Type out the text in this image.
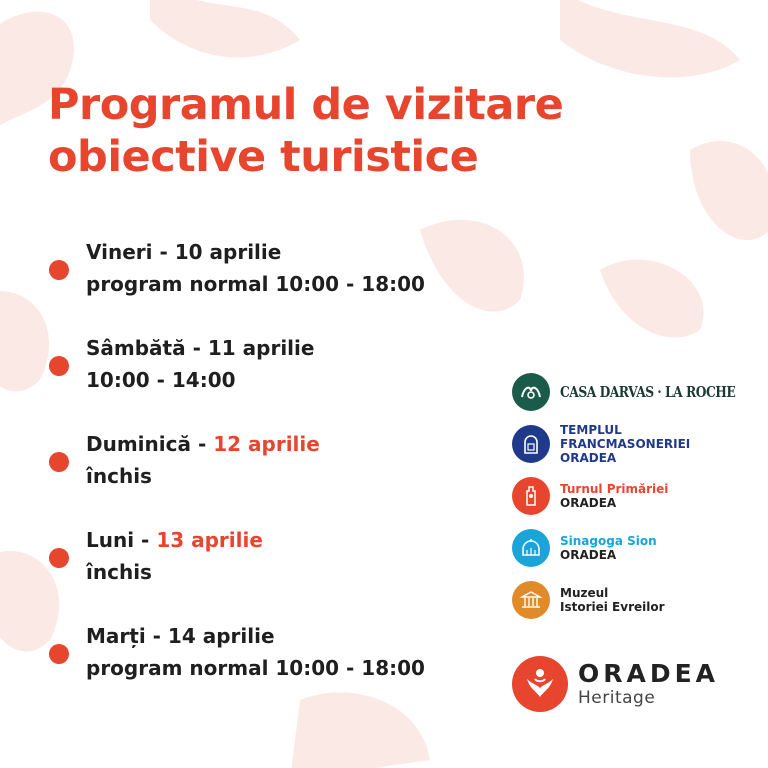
Programul de vizitare
obiective turistice
Vineri - 10 aprilie
program normal 10:00 - 18:00
Sâmbătă - 11 aprilie
10:00 - 14:00
Duminică - 12 aprilie
închis
Luni - 13 aprilie
închis
Marți - 14 aprilie
program normal 10:00 - 18:00
CASA DARVAS · LA ROCHE
TEMPLUL
FRANCMASONERIEI
ORADEA
Turnul Primăriei
ORADEA
Sinagoga Sion
ORADEA
Muzeul
Istoriei Evreilor
ORADEA
Heritage
